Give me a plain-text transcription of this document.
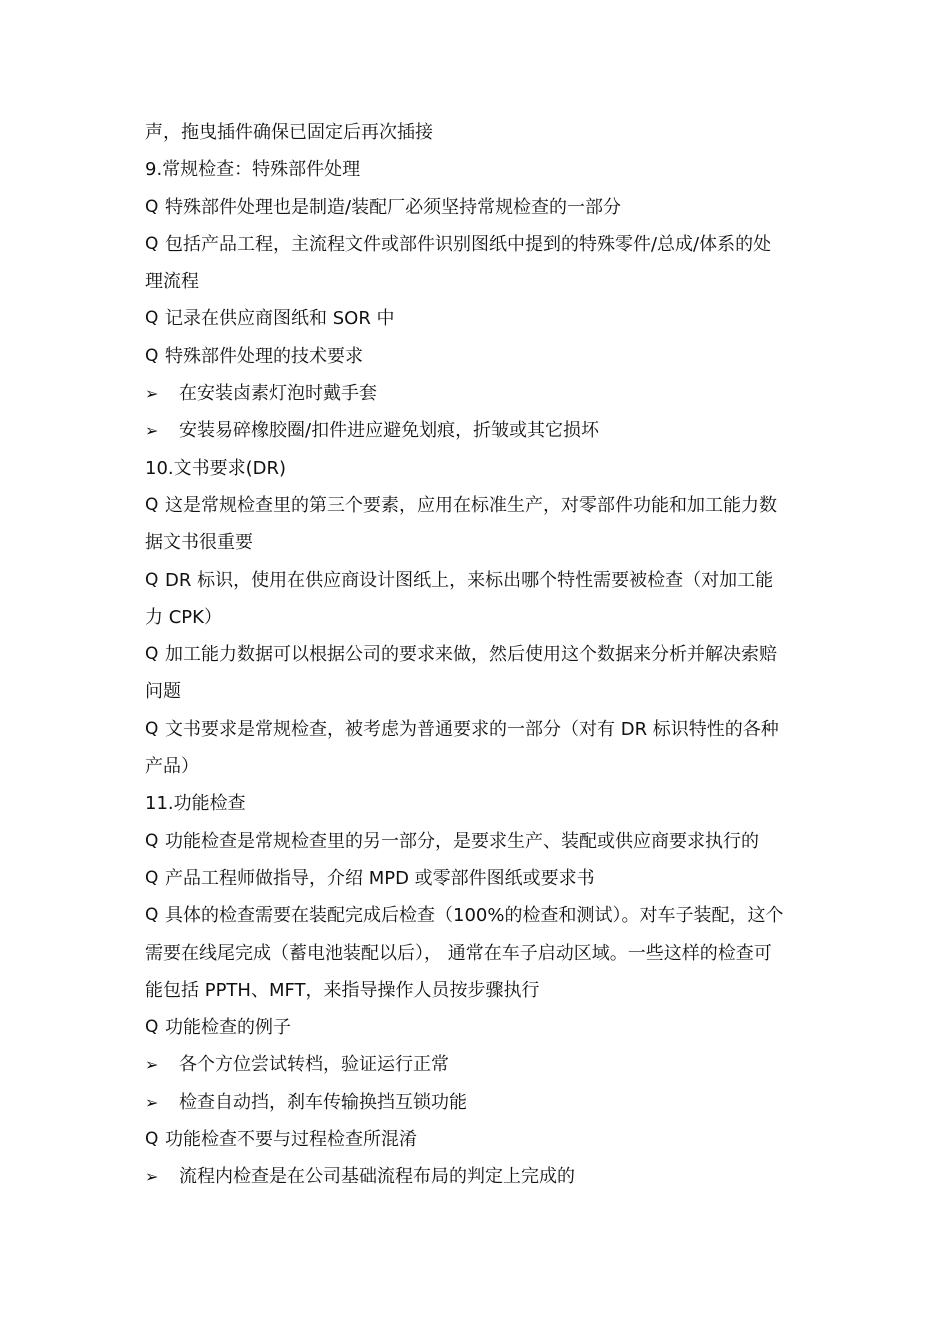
声，拖曳插件确保已固定后再次插接
9.常规检查：特殊部件处理
Ԛ 特殊部件处理也是制造/装配厂必须坚持常规检查的一部分
Ԛ 包括产品工程，主流程文件或部件识别图纸中提到的特殊零件/总成/体系的处
理流程
Ԛ 记录在供应商图纸和 SOR 中
Ԛ 特殊部件处理的技术要求
➢	在安装卤素灯泡时戴手套
➢	安装易碎橡胶圈/扣件进应避免划痕，折皱或其它损坏
10.文书要求(DR)
Ԛ 这是常规检查里的第三个要素，应用在标准生产，对零部件功能和加工能力数
据文书很重要
Ԛ DR 标识，使用在供应商设计图纸上，来标出哪个特性需要被检查（对加工能
力 CPK）
Ԛ 加工能力数据可以根据公司的要求来做，然后使用这个数据来分析并解决索赔
问题
Ԛ 文书要求是常规检查，被考虑为普通要求的一部分（对有 DR 标识特性的各种
产品）
11.功能检查
Ԛ 功能检查是常规检查里的另一部分，是要求生产、装配或供应商要求执行的
Ԛ 产品工程师做指导，介绍 MPD 或零部件图纸或要求书
Ԛ 具体的检查需要在装配完成后检查（100%的检查和测试）。对车子装配，这个
需要在线尾完成（蓄电池装配以后）， 通常在车子启动区域。一些这样的检查可
能包括 PPTH、MFT，来指导操作人员按步骤执行
Ԛ 功能检查的例子
➢	各个方位尝试转档，验证运行正常
➢	检查自动挡，刹车传输换挡互锁功能
Ԛ 功能检查不要与过程检查所混淆
➢	流程内检查是在公司基础流程布局的判定上完成的
